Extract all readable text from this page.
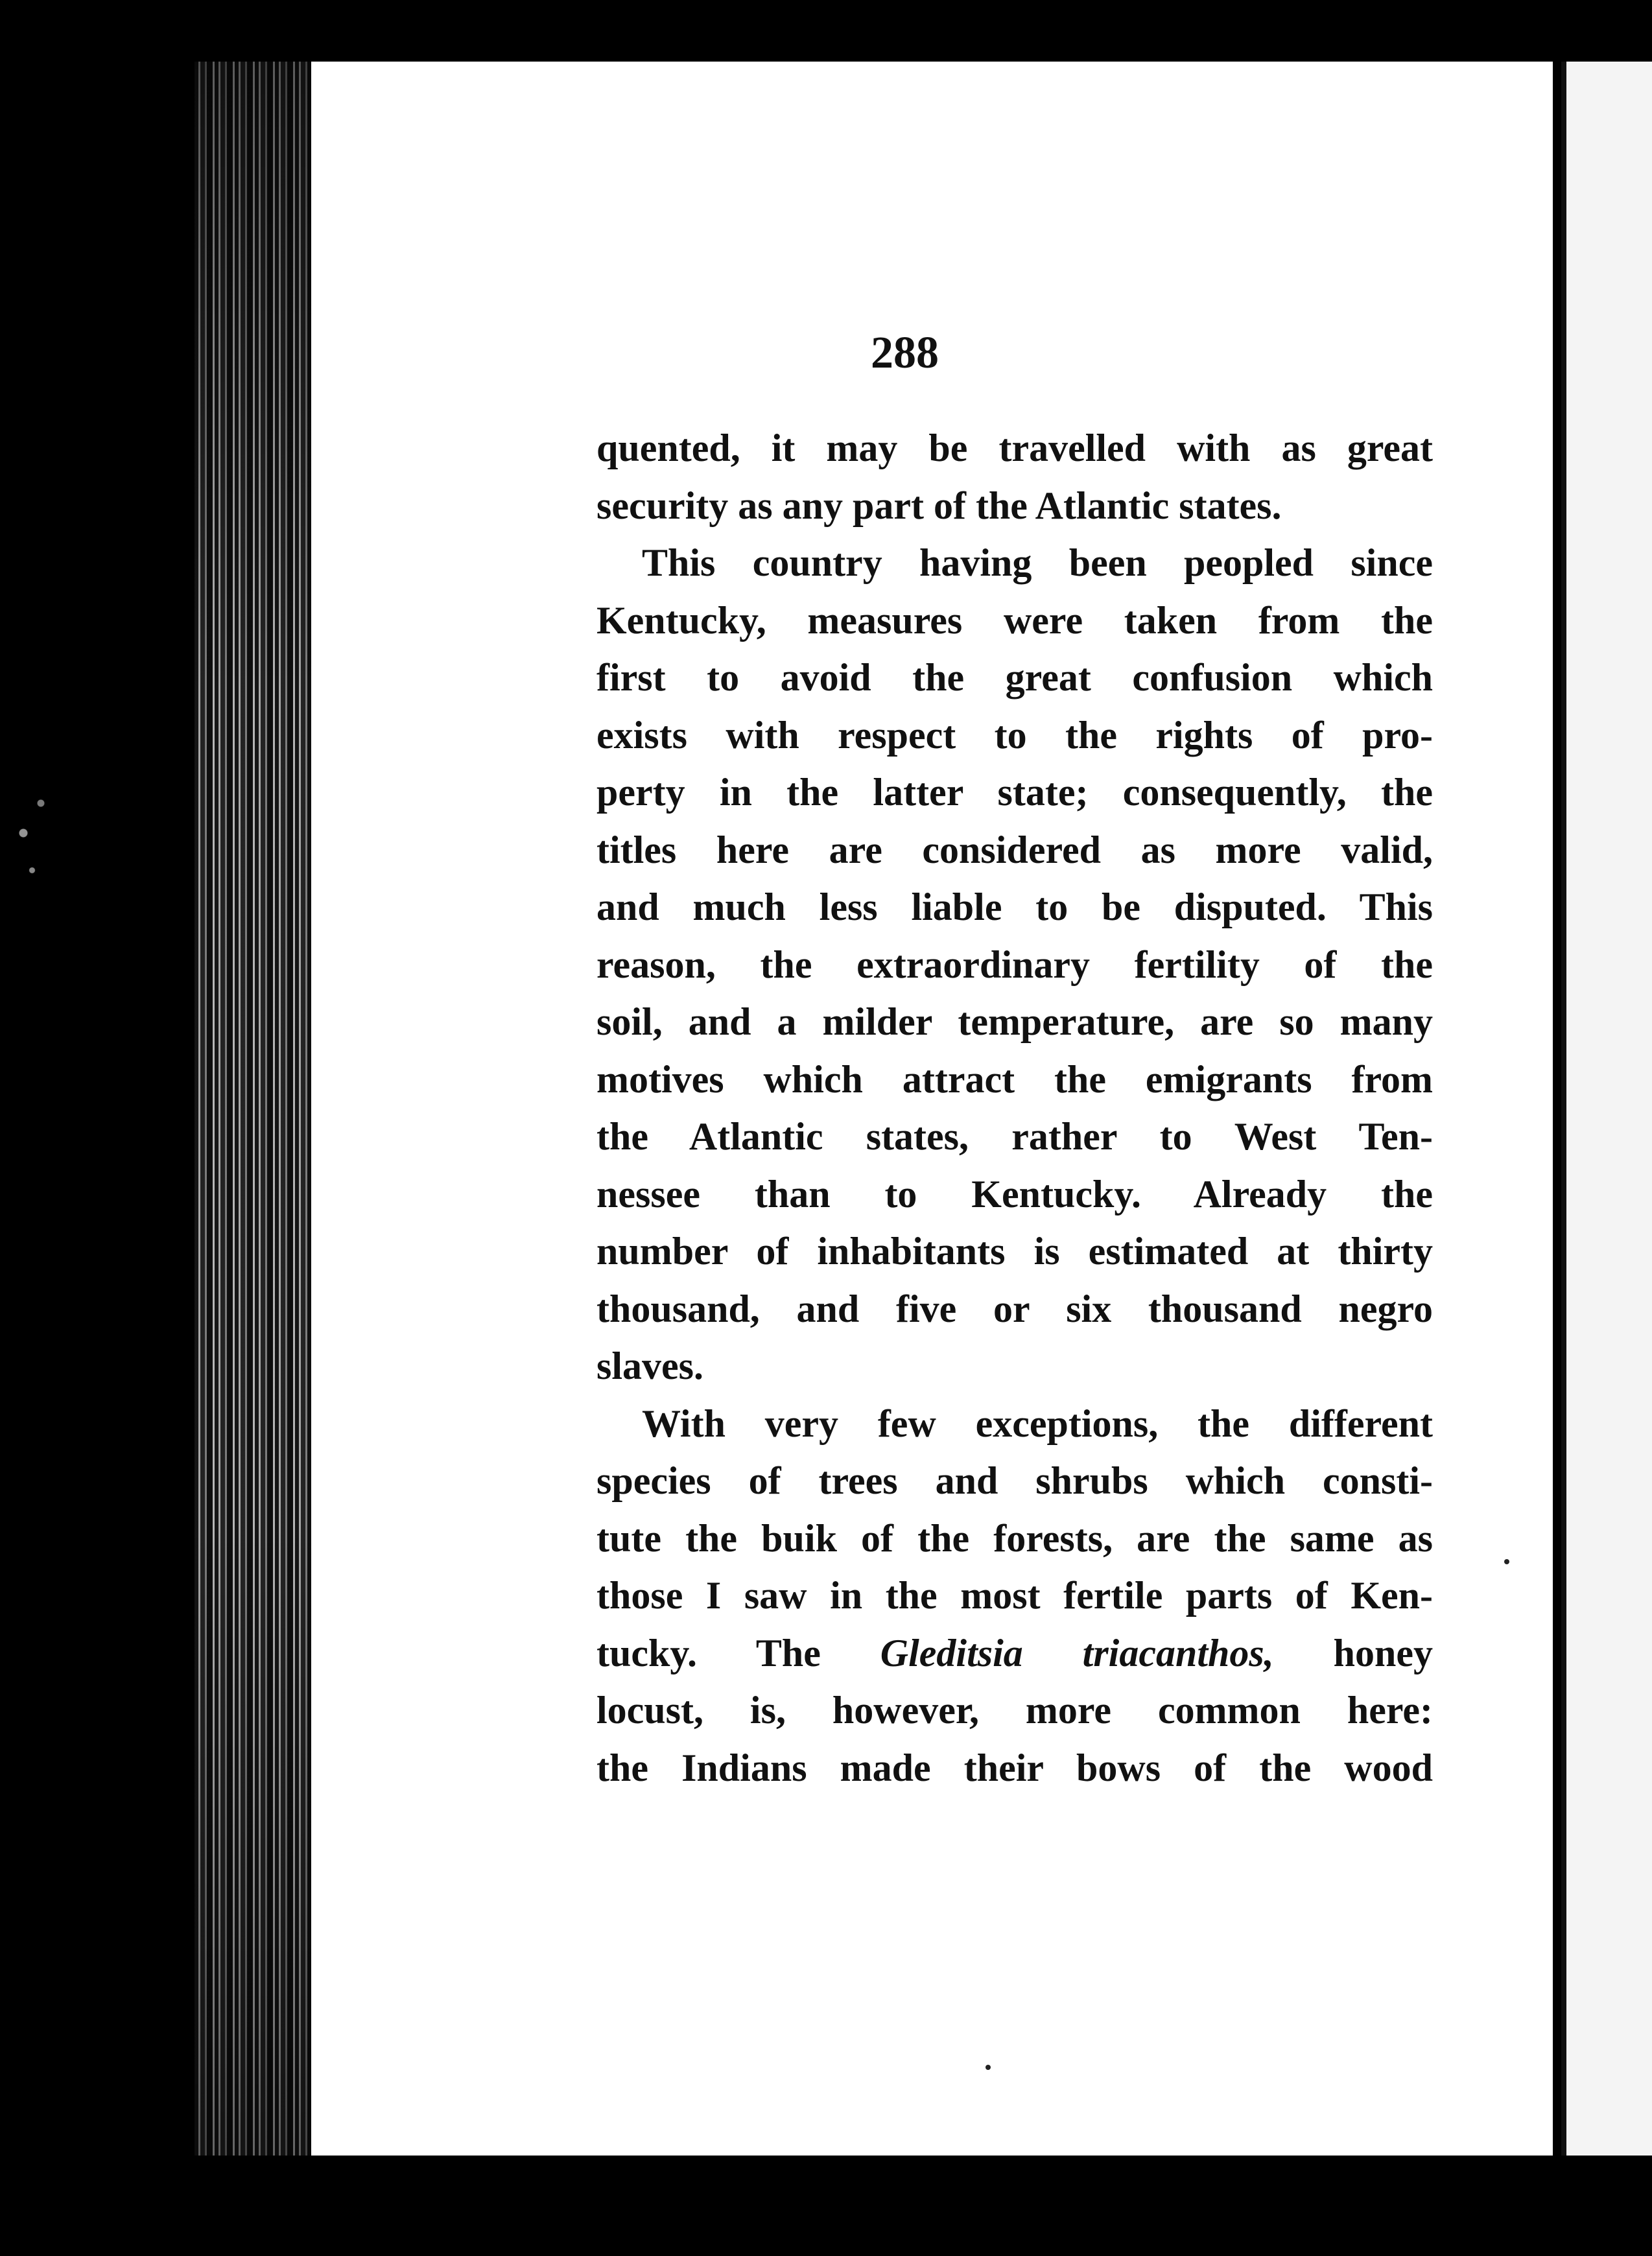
288
quented, it may be travelled with as great
security as any part of the Atlantic states.
This country having been peopled since
Kentucky, measures were taken from the
first to avoid the great confusion which
exists with respect to the rights of pro-
perty in the latter state; consequently, the
titles here are considered as more valid,
and much less liable to be disputed. This
reason, the extraordinary fertility of the
soil, and a milder temperature, are so many
motives which attract the emigrants from
the Atlantic states, rather to West Ten-
nessee than to Kentucky. Already the
number of inhabitants is estimated at thirty
thousand, and five or six thousand negro
slaves.
With very few exceptions, the different
species of trees and shrubs which consti-
tute the buik of the forests, are the same as
those I saw in the most fertile parts of Ken-
tucky. The Gleditsia triacanthos, honey
locust, is, however, more common here:
the Indians made their bows of the wood
